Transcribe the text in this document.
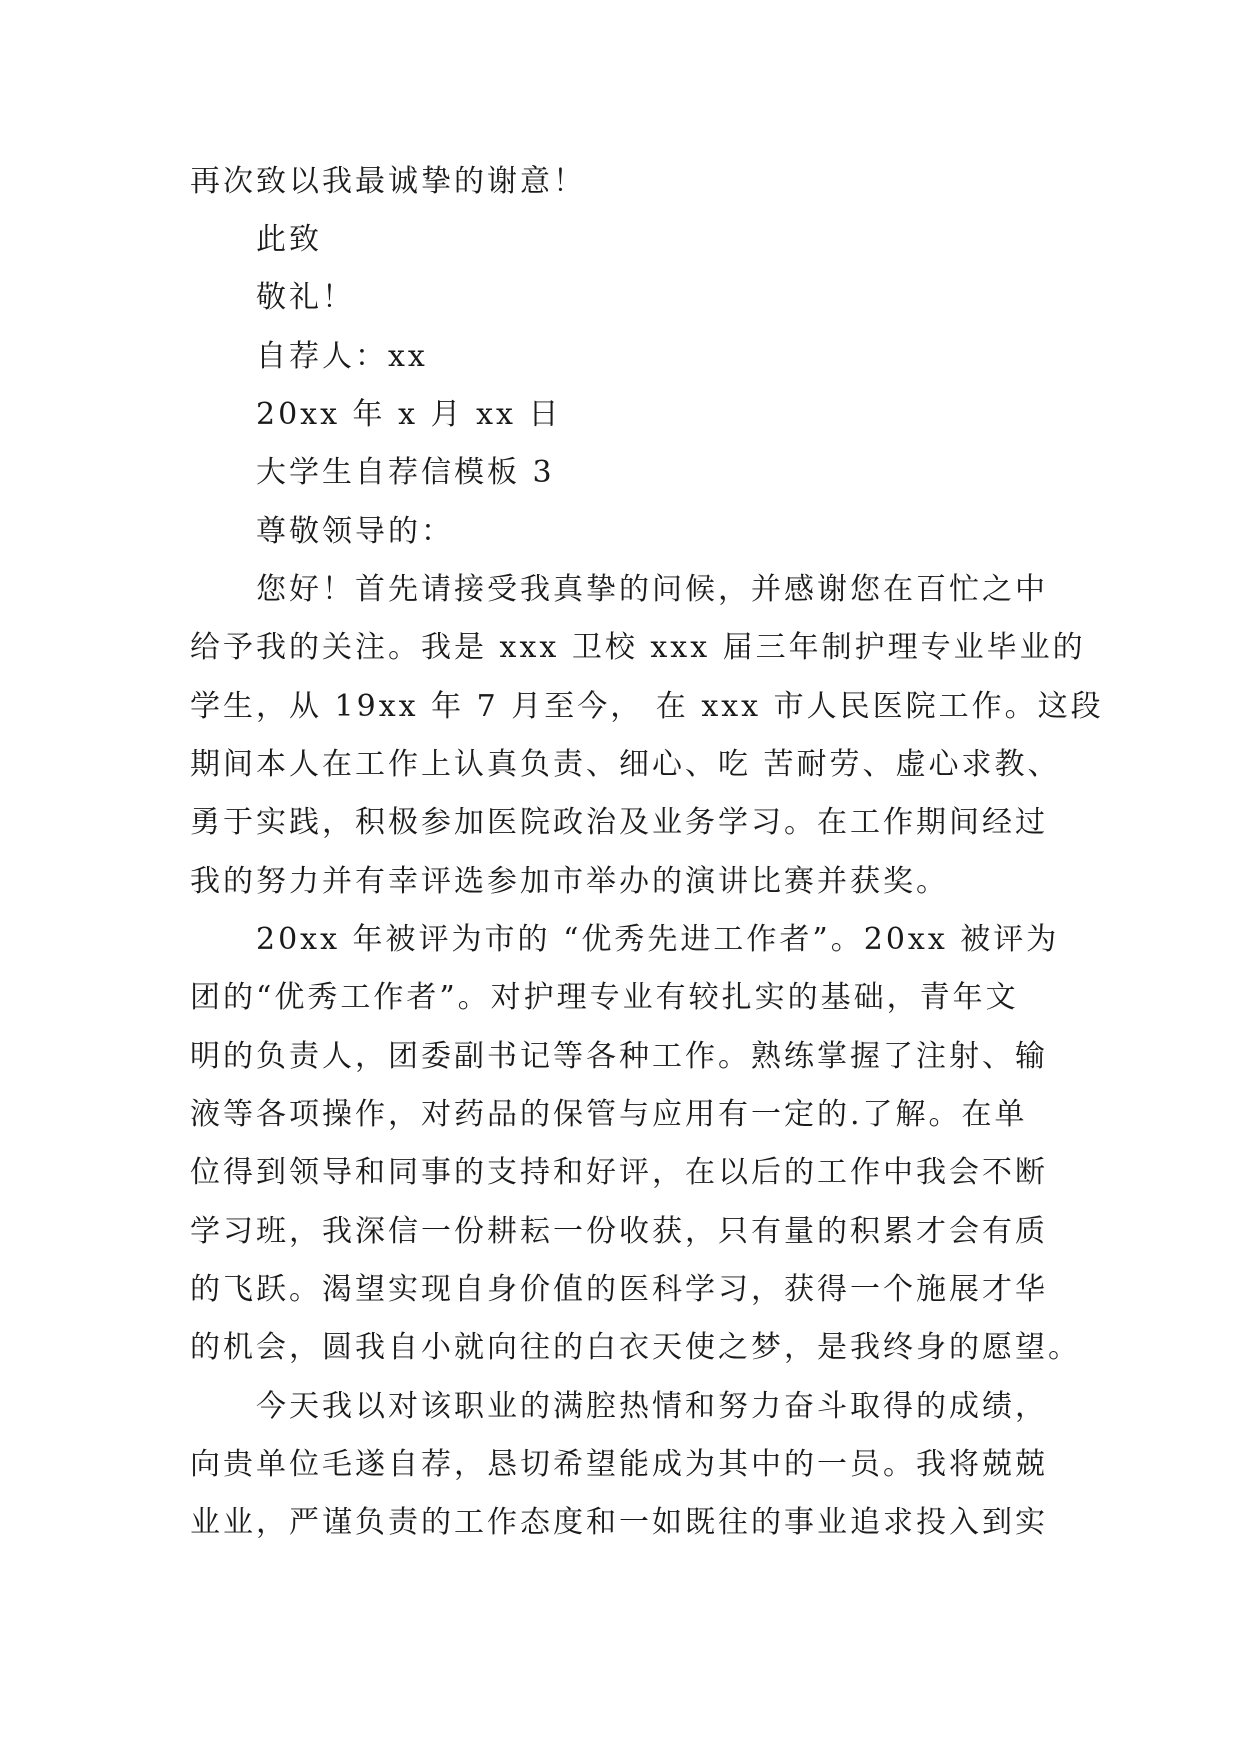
再次致以我最诚挚的谢意！
此致
敬礼！
自荐人：xx
20xx 年 x 月 xx 日
大学生自荐信模板 3
尊敬领导的：
您好！首先请接受我真挚的问候，并感谢您在百忙之中
给予我的关注。我是 xxx 卫校 xxx 届三年制护理专业毕业的
学生，从 19xx 年 7 月至今， 在 xxx 市人民医院工作。这段
期间本人在工作上认真负责、细心、吃 苦耐劳、虚心求教、
勇于实践，积极参加医院政治及业务学习。在工作期间经过
我的努力并有幸评选参加市举办的演讲比赛并获奖。
20xx 年被评为市的 “优秀先进工作者”。20xx 被评为
团的“优秀工作者”。对护理专业有较扎实的基础，青年文
明的负责人，团委副书记等各种工作。熟练掌握了注射、输
液等各项操作，对药品的保管与应用有一定的.了解。在单
位得到领导和同事的支持和好评，在以后的工作中我会不断
学习班，我深信一份耕耘一份收获，只有量的积累才会有质
的飞跃。渴望实现自身价值的医科学习，获得一个施展才华
的机会，圆我自小就向往的白衣天使之梦，是我终身的愿望。
今天我以对该职业的满腔热情和努力奋斗取得的成绩，
向贵单位毛遂自荐，恳切希望能成为其中的一员。我将兢兢
业业，严谨负责的工作态度和一如既往的事业追求投入到实
